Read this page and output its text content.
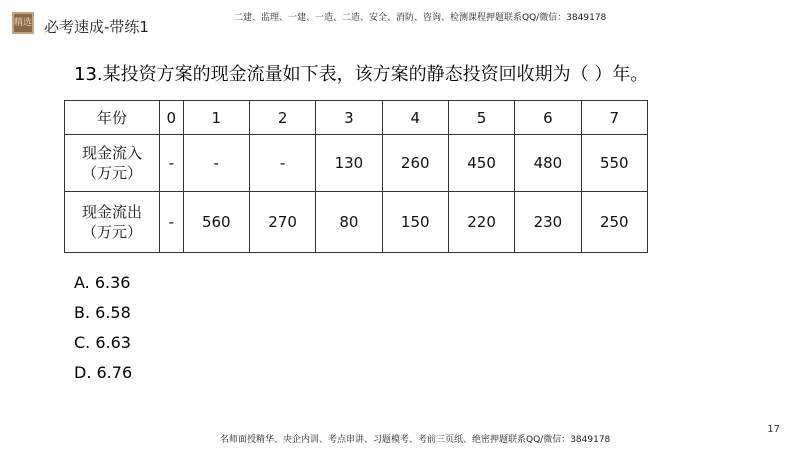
精选 必考速成-带练1	二建、监理、一建、一造、二造、安全、消防、咨询、检测课程押题联系QQ/微信：3849178
13.某投资方案的现金流量如下表，该方案的静态投资回收期为（ ）年。
年份	0	1	2	3	4	5	6	7

现金流入
（万元）	-	-	-	130	260	450	480	550

现金流出
（万元）	-	560	270	80	150	220	230	250
A. 6.36
B. 6.58
C. 6.63
D. 6.76
17
名师面授精华、央企内训、考点串讲、习题模考、考前三页纸、绝密押题联系QQ/微信：3849178
